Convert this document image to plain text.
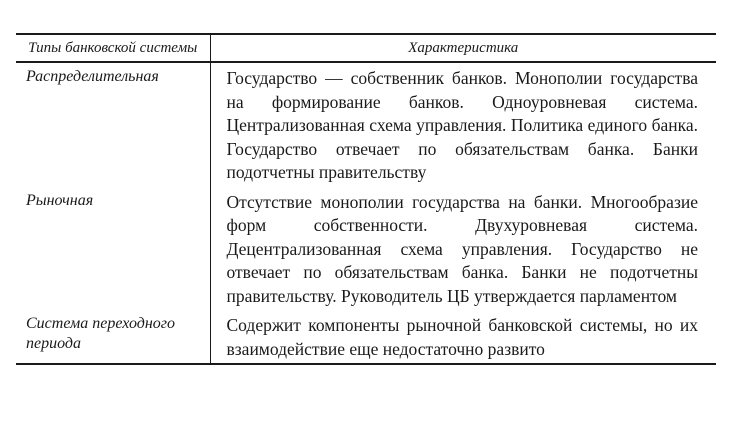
Типы банковской системы	Характеристика
Распределительная	Государство — собственник банков. Монополии государства на формирование банков. Одноуровневая система. Централизованная схема управления. Политика единого банка. Государство отвечает по обязательствам банка. Банки подотчетны правительству
Рыночная	Отсутствие монополии государства на банки. Многообразие форм собственности. Двухуровневая система. Децентрализованная схема управления. Государство не отвечает по обязательствам банка. Банки не подотчетны правительству. Руководитель ЦБ утверждается парламентом
Система переходного периода	Содержит компоненты рыночной банковской системы, но их взаимодействие еще недостаточно развито
